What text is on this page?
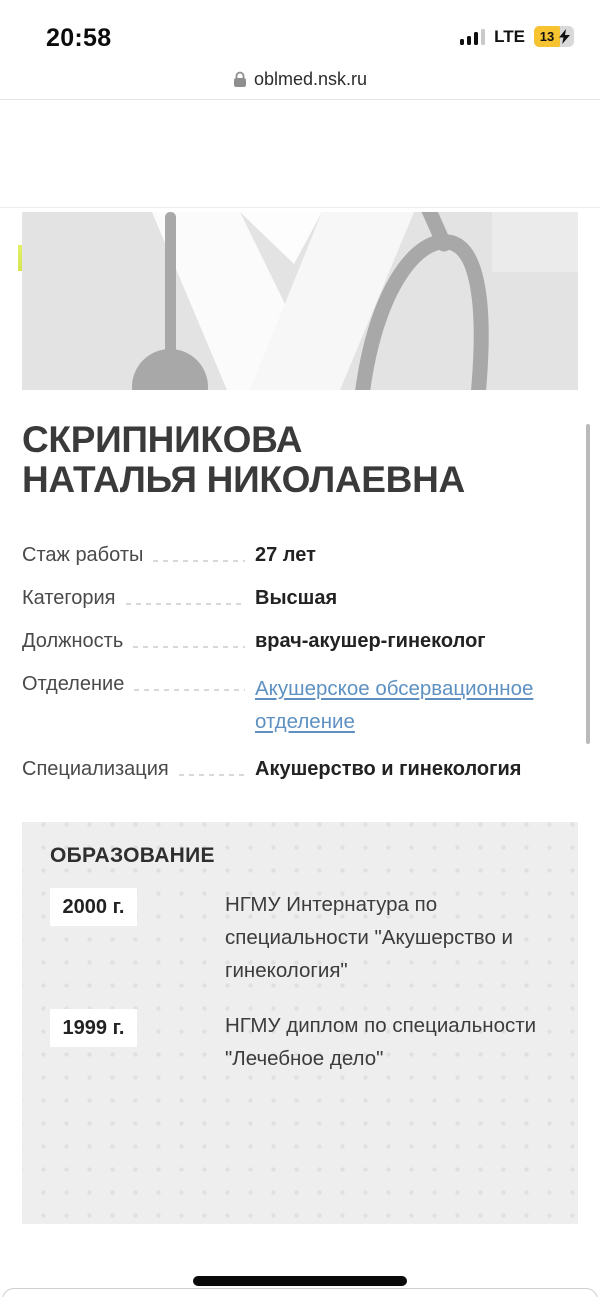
20:58	LTE 13
oblmed.nsk.ru
СКРИПНИКОВА
НАТАЛЬЯ НИКОЛАЕВНА
Стаж работы	27 лет
Категория	Высшая
Должность	врач-акушер-гинеколог
Отделение	Акушерское обсервационное отделение
Специализация	Акушерство и гинекология
ОБРАЗОВАНИЕ
2000 г.	НГМУ Интернатура по специальности "Акушерство и гинекология"
1999 г.	НГМУ диплом по специальности "Лечебное дело"
